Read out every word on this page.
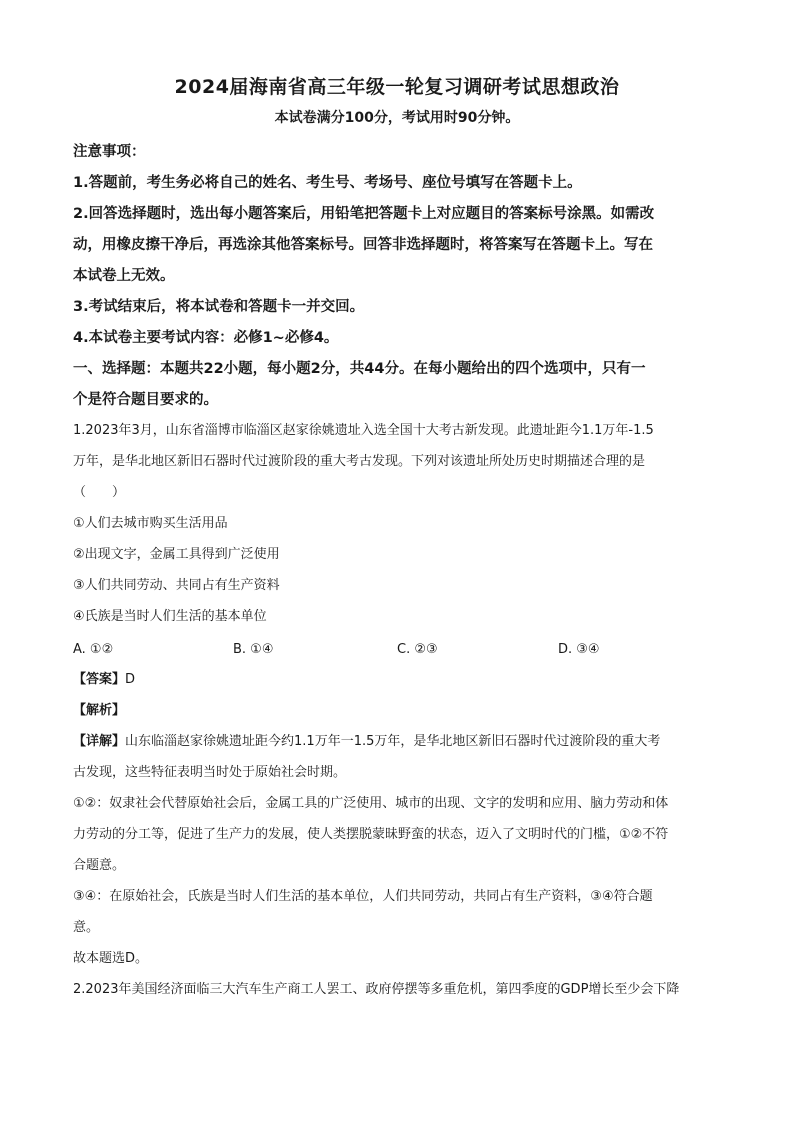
2024届海南省高三年级一轮复习调研考试思想政治
本试卷满分100分，考试用时90分钟。
注意事项：
1.答题前，考生务必将自己的姓名、考生号、考场号、座位号填写在答题卡上。
2.回答选择题时，选出每小题答案后，用铅笔把答题卡上对应题目的答案标号涂黑。如需改
动，用橡皮擦干净后，再选涂其他答案标号。回答非选择题时，将答案写在答题卡上。写在
本试卷上无效。
3.考试结束后，将本试卷和答题卡一并交回。
4.本试卷主要考试内容：必修1~必修4。
一、选择题：本题共22小题，每小题2分，共44分。在每小题给出的四个选项中，只有一
个是符合题目要求的。
1.2023年3月，山东省淄博市临淄区赵家徐姚遗址入选全国十大考古新发现。此遗址距今1.1万年-1.5
万年，是华北地区新旧石器时代过渡阶段的重大考古发现。下列对该遗址所处历史时期描述合理的是
（　　）
①人们去城市购买生活用品
②出现文字，金属工具得到广泛使用
③人们共同劳动、共同占有生产资料
④氏族是当时人们生活的基本单位
A. ①②	B. ①④	C. ②③	D. ③④
【答案】D
【解析】
【详解】山东临淄赵家徐姚遗址距今约1.1万年一1.5万年，是华北地区新旧石器时代过渡阶段的重大考
古发现，这些特征表明当时处于原始社会时期。
①②：奴隶社会代替原始社会后，金属工具的广泛使用、城市的出现、文字的发明和应用、脑力劳动和体
力劳动的分工等，促进了生产力的发展，使人类摆脱蒙昧野蛮的状态，迈入了文明时代的门槛，①②不符
合题意。
③④：在原始社会，氏族是当时人们生活的基本单位，人们共同劳动，共同占有生产资料，③④符合题
意。
故本题选D。
2.2023年美国经济面临三大汽车生产商工人罢工、政府停摆等多重危机，第四季度的GDP增长至少会下降
